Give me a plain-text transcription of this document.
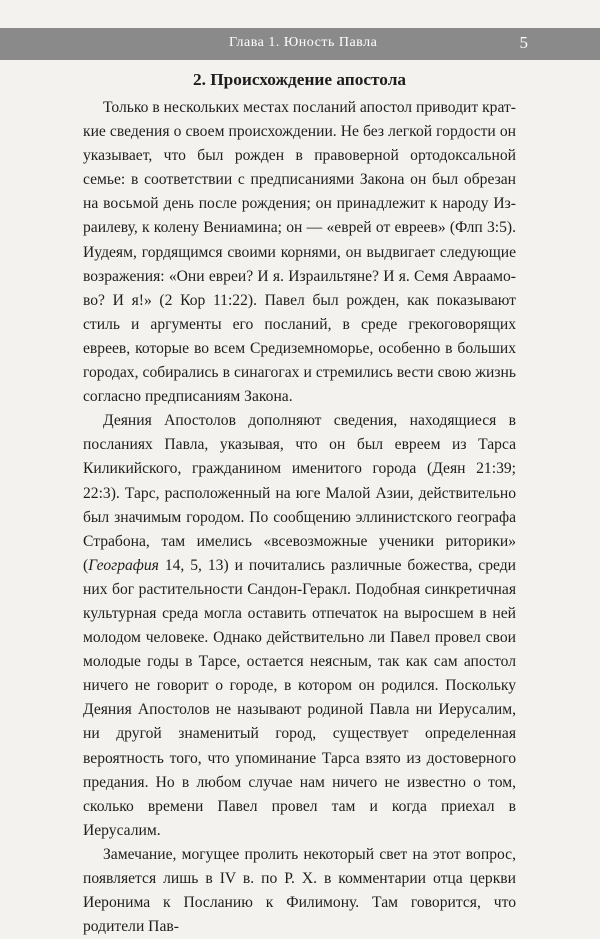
Глава 1. Юность Павла	5
2. Происхождение апостола

Только в нескольких местах посланий апостол приводит краткие сведения о своем происхождении. Не без легкой гордости он указывает, что был рожден в правоверной ортодоксальной семье: в соответствии с предписаниями Закона он был обрезан на восьмой день после рождения; он принадлежит к народу Израилеву, к колену Вениамина; он — «еврей от евреев» (Флп 3:5). Иудеям, гордящимся своими корнями, он выдвигает следующие возражения: «Они евреи? И я. Израильтяне? И я. Семя Авраамово? И я!» (2 Кор 11:22). Павел был рожден, как показывают стиль и аргументы его посланий, в среде грекоговорящих евреев, которые во всем Средиземноморье, особенно в больших городах, собирались в синагогах и стремились вести свою жизнь согласно предписаниям Закона.

Деяния Апостолов дополняют сведения, находящиеся в посланиях Павла, указывая, что он был евреем из Тарса Киликийского, гражданином именитого города (Деян 21:39; 22:3). Тарс, расположенный на юге Малой Азии, действительно был значимым городом. По сообщению эллинистского географа Страбона, там имелись «всевозможные ученики риторики» (География 14, 5, 13) и почитались различные божества, среди них бог растительности Сандон-Геракл. Подобная синкретичная культурная среда могла оставить отпечаток на выросшем в ней молодом человеке. Однако действительно ли Павел провел свои молодые годы в Тарсе, остается неясным, так как сам апостол ничего не говорит о городе, в котором он родился. Поскольку Деяния Апостолов не называют родиной Павла ни Иерусалим, ни другой знаменитый город, существует определенная вероятность того, что упоминание Тарса взято из достоверного предания. Но в любом случае нам ничего не известно о том, сколько времени Павел провел там и когда приехал в Иерусалим.

Замечание, могущее пролить некоторый свет на этот вопрос, появляется лишь в IV в. по Р. Х. в комментарии отца церкви Иеронима к Посланию к Филимону. Там говорится, что родители Пав-
